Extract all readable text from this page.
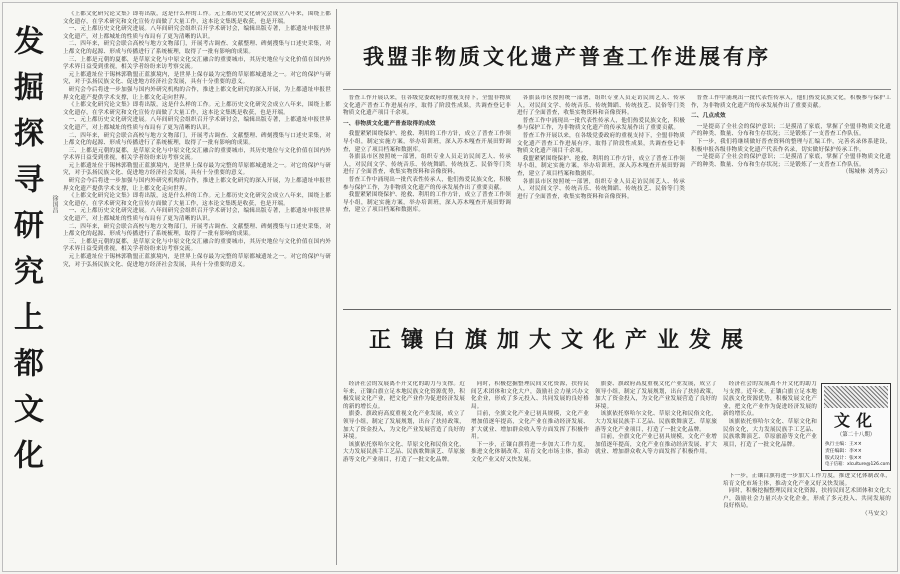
发掘探寻研究上都文化 徐国昌

《上都文化研究论文集》即将出版，这是什么样的工作。元上都历史文化研究会成立八年来，围绕上都文化遗存，在学术研究和文化宣传方面做了大量工作，这本论文集既是收获，也是开端。

一、元上都历史文化研究进展。八年间研究会组织召开学术研讨会，编辑出版专著，上都遗址申报世界文化遗产，对上都城址的性质与布局有了更为清晰的认识。

二、四年来，研究会联合高校与地方文物部门，开展考古调查、文献整理、碑刻搜集与口述史采集，对上都文化的起源、形成与传播进行了系统梳理，取得了一批有影响的成果。

三、上都是元朝的夏都，是草原文化与中原文化交汇融合的重要城市，其历史地位与文化价值在国内外学术界日益受到重视，相关学者纷纷来访考察交流。

元上都遗址位于锡林郭勒盟正蓝旗境内，是世界上保存最为完整的草原都城遗址之一。对它的保护与研究，对于弘扬民族文化、促进地方经济社会发展，具有十分重要的意义。

研究会今后将进一步加强与国内外研究机构的合作，推进上都文化研究的深入开展，为上都遗址申报世界文化遗产提供学术支撑，让上都文化走向世界。

《上都文化研究论文集》即将出版，这是什么样的工作。元上都历史文化研究会成立八年来，围绕上都文化遗存，在学术研究和文化宣传方面做了大量工作，这本论文集既是收获，也是开端。

一、元上都历史文化研究进展。八年间研究会组织召开学术研讨会，编辑出版专著，上都遗址申报世界文化遗产，对上都城址的性质与布局有了更为清晰的认识。

二、四年来，研究会联合高校与地方文物部门，开展考古调查、文献整理、碑刻搜集与口述史采集，对上都文化的起源、形成与传播进行了系统梳理，取得了一批有影响的成果。

三、上都是元朝的夏都，是草原文化与中原文化交汇融合的重要城市，其历史地位与文化价值在国内外学术界日益受到重视，相关学者纷纷来访考察交流。

元上都遗址位于锡林郭勒盟正蓝旗境内，是世界上保存最为完整的草原都城遗址之一。对它的保护与研究，对于弘扬民族文化、促进地方经济社会发展，具有十分重要的意义。

研究会今后将进一步加强与国内外研究机构的合作，推进上都文化研究的深入开展，为上都遗址申报世界文化遗产提供学术支撑，让上都文化走向世界。

《上都文化研究论文集》即将出版，这是什么样的工作。元上都历史文化研究会成立八年来，围绕上都文化遗存，在学术研究和文化宣传方面做了大量工作，这本论文集既是收获，也是开端。

一、元上都历史文化研究进展。八年间研究会组织召开学术研讨会，编辑出版专著，上都遗址申报世界文化遗产，对上都城址的性质与布局有了更为清晰的认识。

二、四年来，研究会联合高校与地方文物部门，开展考古调查、文献整理、碑刻搜集与口述史采集，对上都文化的起源、形成与传播进行了系统梳理，取得了一批有影响的成果。

三、上都是元朝的夏都，是草原文化与中原文化交汇融合的重要城市，其历史地位与文化价值在国内外学术界日益受到重视，相关学者纷纷来访考察交流。

元上都遗址位于锡林郭勒盟正蓝旗境内，是世界上保存最为完整的草原都城遗址之一。对它的保护与研究，对于弘扬民族文化、促进地方经济社会发展，具有十分重要的意义。

我盟非物质文化遗产普查工作进展有序

普查工作开展以来，在各级党委政府的重视支持下，全盟非物质文化遗产普查工作进展有序，取得了阶段性成果，共调查登记非物质文化遗产项目千余项。

一、非物质文化遗产普查取得的成效

我盟紧紧围绕保护、抢救、利用的工作方针，成立了普查工作领导小组，制定实施方案，举办培训班，深入苏木嘎查开展田野调查，建立了项目档案和数据库。

各旗县市区按照统一部署，组织专业人员走访民间艺人、传承人，对民间文学、传统音乐、传统舞蹈、传统技艺、民俗等门类进行了全面普查，收集实物资料和音像资料。

普查工作中涌现出一批代表性传承人，他们热爱民族文化，积极参与保护工作，为非物质文化遗产的传承发展作出了重要贡献。

我盟紧紧围绕保护、抢救、利用的工作方针，成立了普查工作领导小组，制定实施方案，举办培训班，深入苏木嘎查开展田野调查，建立了项目档案和数据库。

各旗县市区按照统一部署，组织专业人员走访民间艺人、传承人，对民间文学、传统音乐、传统舞蹈、传统技艺、民俗等门类进行了全面普查，收集实物资料和音像资料。

普查工作中涌现出一批代表性传承人，他们热爱民族文化，积极参与保护工作，为非物质文化遗产的传承发展作出了重要贡献。

普查工作开展以来，在各级党委政府的重视支持下，全盟非物质文化遗产普查工作进展有序，取得了阶段性成果，共调查登记非物质文化遗产项目千余项。

我盟紧紧围绕保护、抢救、利用的工作方针，成立了普查工作领导小组，制定实施方案，举办培训班，深入苏木嘎查开展田野调查，建立了项目档案和数据库。

各旗县市区按照统一部署，组织专业人员走访民间艺人、传承人，对民间文学、传统音乐、传统舞蹈、传统技艺、民俗等门类进行了全面普查，收集实物资料和音像资料。

普查工作中涌现出一批代表性传承人，他们热爱民族文化，积极参与保护工作，为非物质文化遗产的传承发展作出了重要贡献。

二、几点成效

一是提高了全社会的保护意识；二是摸清了家底，掌握了全盟非物质文化遗产的种类、数量、分布和生存状况；三是锻炼了一支普查工作队伍。

下一步，我们将继续做好普查资料的整理与汇编工作，完善名录体系建设，积极申报各级非物质文化遗产代表作名录，切实做好保护传承工作。

一是提高了全社会的保护意识；二是摸清了家底，掌握了全盟非物质文化遗产的种类、数量、分布和生存状况；三是锻炼了一支普查工作队伍。

（锡城林 刘秀云）

正镶白旗加大文化产业发展

经济社会的发展离不开文化的助力与支撑。近年来，正镶白旗立足本地民族文化资源优势，积极发展文化产业，把文化产业作为促进经济发展的新的增长点。

旗委、旗政府高度重视文化产业发展，成立了领导小组，制定了发展规划，出台了扶持政策，加大了资金投入，为文化产业发展营造了良好的环境。

该旗依托察哈尔文化、草原文化和民俗文化，大力发展民族手工艺品、民族歌舞演艺、草原旅游等文化产业项目，打造了一批文化品牌。

同时，积极挖掘整理民间文化资源，扶持民间艺术团体和文化大户，鼓励社会力量兴办文化企业，形成了多元投入、共同发展的良好格局。

目前，全旗文化产业已初具规模，文化产业增加值逐年提高，文化产业在推动经济发展、扩大就业、增加群众收入等方面发挥了积极作用。

下一步，正镶白旗将进一步加大工作力度，推进文化体制改革，培育文化市场主体，推动文化产业又好又快发展。

旗委、旗政府高度重视文化产业发展，成立了领导小组，制定了发展规划，出台了扶持政策，加大了资金投入，为文化产业发展营造了良好的环境。

该旗依托察哈尔文化、草原文化和民俗文化，大力发展民族手工艺品、民族歌舞演艺、草原旅游等文化产业项目，打造了一批文化品牌。

目前，全旗文化产业已初具规模，文化产业增加值逐年提高，文化产业在推动经济发展、扩大就业、增加群众收入等方面发挥了积极作用。

下一步，正镶白旗将进一步加大工作力度，推进文化体制改革，培育文化市场主体，推动文化产业又好又快发展。

同时，积极挖掘整理民间文化资源，扶持民间艺术团体和文化大户，鼓励社会力量兴办文化企业，形成了多元投入、共同发展的良好格局。

（马安文）

文化
（第二十八期）
执行主编：王××
责任编辑：李××
版式设计：张××
电子信箱：xlculture@126.com

经济社会的发展离不开文化的助力与支撑。近年来，正镶白旗立足本地民族文化资源优势，积极发展文化产业，把文化产业作为促进经济发展的新的增长点。

该旗依托察哈尔文化、草原文化和民俗文化，大力发展民族手工艺品、民族歌舞演艺、草原旅游等文化产业项目，打造了一批文化品牌。
